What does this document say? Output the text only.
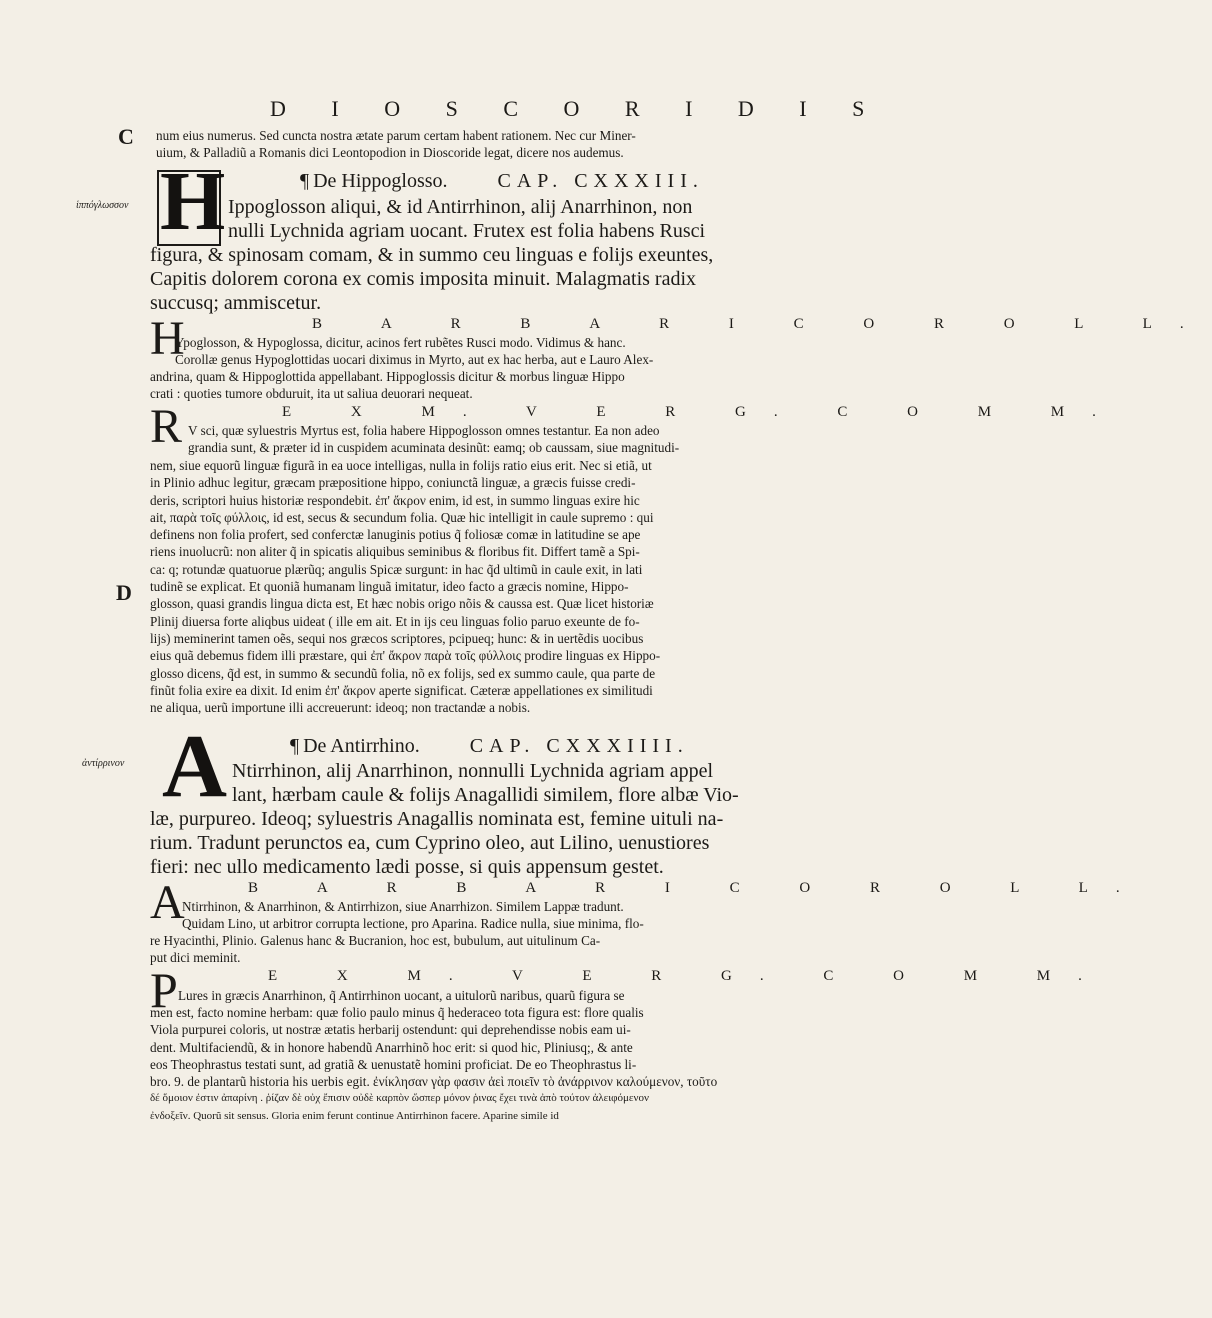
D I O S C O R I D I S
C
ἱππόγλωσσον
D
ἀντίρρινον
num eius numerus. Sed cuncta nostra ætate parum certam habent rationem. Nec cur Miner-
uium, & Palladiũ a Romanis dici Leontopodion in Dioscoride legat, dicere nos audemus.
H	¶ De Hippoglosso.	CAP. CXXXIII.
Ippoglosson aliqui, & id Antirrhinon, alij Anarrhinon, non
nulli Lychnida agriam uocant. Frutex est folia habens Rusci
figura, & spinosam comam, & in summo ceu linguas e folijs exeuntes,
Capitis dolorem corona ex comis imposita minuit. Malagmatis radix
succusq; ammiscetur.
H	B A R B A R I C O R O L L.
Ypoglosson, & Hypoglossa, dicitur, acinos fert rubẽtes Rusci modo. Vidimus & hanc.
Corollæ genus Hypoglottidas uocari diximus in Myrto, aut ex hac herba, aut e Lauro Alex-
andrina, quam & Hippoglottida appellabant. Hippoglossis dicitur & morbus linguæ Hippo
crati : quoties tumore obduruit, ita ut saliua deuorari nequeat.
R	E X M. V E R G. C O M M.
V sci, quæ syluestris Myrtus est, folia habere Hippoglosson omnes testantur. Ea non adeo
grandia sunt, & præter id in cuspidem acuminata desinũt: eamq; ob caussam, siue magnitudi-
nem, siue equorũ linguæ figurã in ea uoce intelligas, nulla in folijs ratio eius erit. Nec si etiã, ut
in Plinio adhuc legitur, græcam præpositione hippo, coniunctã linguæ, a græcis fuisse credi-
deris, scriptori huius historiæ respondebit. ἐπ' ἄκρον enim, id est, in summo linguas exire hic
ait, παρὰ τοῖς φύλλοις, id est, secus & secundum folia. Quæ hic intelligit in caule supremo : qui
definens non folia profert, sed conferctæ lanuginis potius q̃ foliosæ comæ in latitudine se ape
riens inuolucrũ: non aliter q̃ in spicatis aliquibus seminibus & floribus fit. Differt tamẽ a Spi-
ca: q; rotundæ quatuorue plærũq; angulis Spicæ surgunt: in hac q̃d ultimũ in caule exit, in lati
tudinẽ se explicat. Et quoniã humanam linguã imitatur, ideo facto a græcis nomine, Hippo-
glosson, quasi grandis lingua dicta est, Et hæc nobis origo nõis & caussa est. Quæ licet historiæ
Plinij diuersa forte aliqbus uideat ( ille em ait. Et in ijs ceu linguas folio paruo exeunte de fo-
lijs) meminerint tamen oẽs, sequi nos græcos scriptores, pcipueq; hunc: & in uertẽdis uocibus
eius quã debemus fidem illi præstare, qui ἐπ' ἄκρον παρὰ τοῖς φύλλοις prodire linguas ex Hippo-
glosso dicens, q̃d est, in summo & secundũ folia, nõ ex folijs, sed ex summo caule, qua parte de
finũt folia exire ea dixit. Id enim ἐπ' ἄκρον aperte significat. Cæteræ appellationes ex similitudi
ne aliqua, uerũ importune illi accreuerunt: ideoq; non tractandæ a nobis.
A	¶ De Antirrhino.	CAP. CXXXIIII.
Ntirrhinon, alij Anarrhinon, nonnulli Lychnida agriam appel
lant, hærbam caule & folijs Anagallidi similem, flore albæ Vio-
læ, purpureo. Ideoq; syluestris Anagallis nominata est, femine uituli na-
rium. Tradunt perunctos ea, cum Cyprino oleo, aut Lilino, uenustiores
fieri: nec ullo medicamento lædi posse, si quis appensum gestet.
A	B A R B A R I C O R O L L.
Ntirrhinon, & Anarrhinon, & Antirrhizon, siue Anarrhizon. Similem Lappæ tradunt.
Quidam Lino, ut arbitror corrupta lectione, pro Aparina. Radice nulla, siue minima, flo-
re Hyacinthi, Plinio. Galenus hanc & Bucranion, hoc est, bubulum, aut uitulinum Ca-
put dici meminit.
P	E X M. V E R G. C O M M.
Lures in græcis Anarrhinon, q̃ Antirrhinon uocant, a uitulorũ naribus, quarũ figura se
men est, facto nomine herbam: quæ folio paulo minus q̃ hederaceo tota figura est: flore qualis
Viola purpurei coloris, ut nostræ ætatis herbarij ostendunt: qui deprehendisse nobis eam ui-
dent. Multifaciendũ, & in honore habendũ Anarrhinõ hoc erit: si quod hic, Pliniusq;, & ante
eos Theophrastus testati sunt, ad gratiã & uenustatẽ homini proficiat. De eo Theophrastus li-
bro. 9. de plantarũ historia his uerbis egit. ἐνίκλησαν γὰρ φασιν ἀεὶ ποιεῖν τὸ ἀνάρρινον καλούμενον, τοῦτο
δέ ὅμοιον ἐστιν ἀπαρίνη . ῥίζαν δὲ οὐχ ἔπισιν οὐδὲ καρπὸν ὥσπερ μόνον ῥινας ἔχει τινὰ ἀπὸ τούτον ἀλειφόμενον
ἐνδοξεῖν. Quorũ sit sensus. Gloria enim ferunt continue Antirrhinon facere. Aparine simile id
